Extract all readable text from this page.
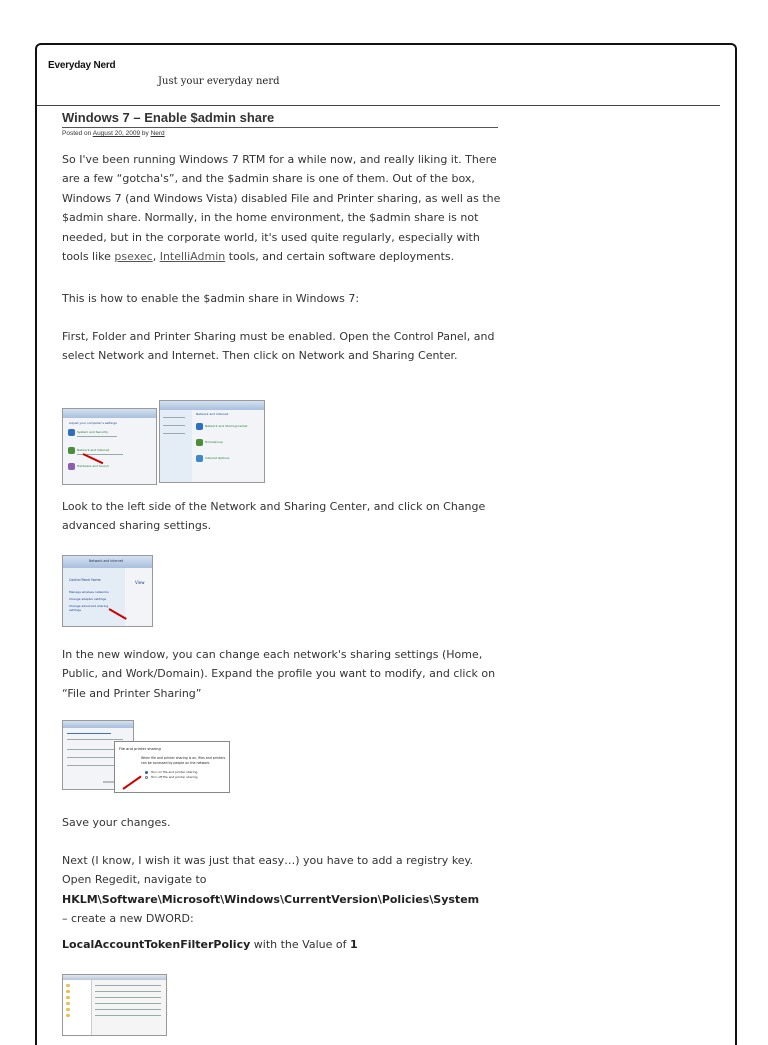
Everyday Nerd
Just your everyday nerd
Windows 7 – Enable $admin share
Posted on August 20, 2009 by Nerd

So I've been running Windows 7 RTM for a while now, and really liking it. There are a few “gotcha's”, and the $admin share is one of them. Out of the box, Windows 7 (and Windows Vista) disabled File and Printer sharing, as well as the $admin share. Normally, in the home environment, the $admin share is not needed, but in the corporate world, it's used quite regularly, especially with tools like psexec, IntelliAdmin tools, and certain software deployments.

This is how to enable the $admin share in Windows 7:

First, Folder and Printer Sharing must be enabled. Open the Control Panel, and select Network and Internet. Then click on Network and Sharing Center.

Look to the left side of the Network and Sharing Center, and click on Change advanced sharing settings.

In the new window, you can change each network's sharing settings (Home, Public, and Work/Domain). Expand the profile you want to modify, and click on “File and Printer Sharing”

Save your changes.

Next (I know, I wish it was just that easy…) you have to add a registry key. Open Regedit, navigate to
HKLM\Software\Microsoft\Windows\CurrentVersion\Policies\System
– create a new DWORD:

LocalAccountTokenFilterPolicy with the Value of 1

Adjust your computer's settings
System and Security
Network and Internet
Hardware and Sound
Network and Internet
Network and Sharing Center
HomeGroup
Internet Options
Network and Internet
Control Panel Home
Manage wireless networks
Change adapter settings
Change advanced sharing settings
View
File and printer sharing
When file and printer sharing is on, files and printers can be accessed by people on the network.
Turn on file and printer sharing
Turn off file and printer sharing
